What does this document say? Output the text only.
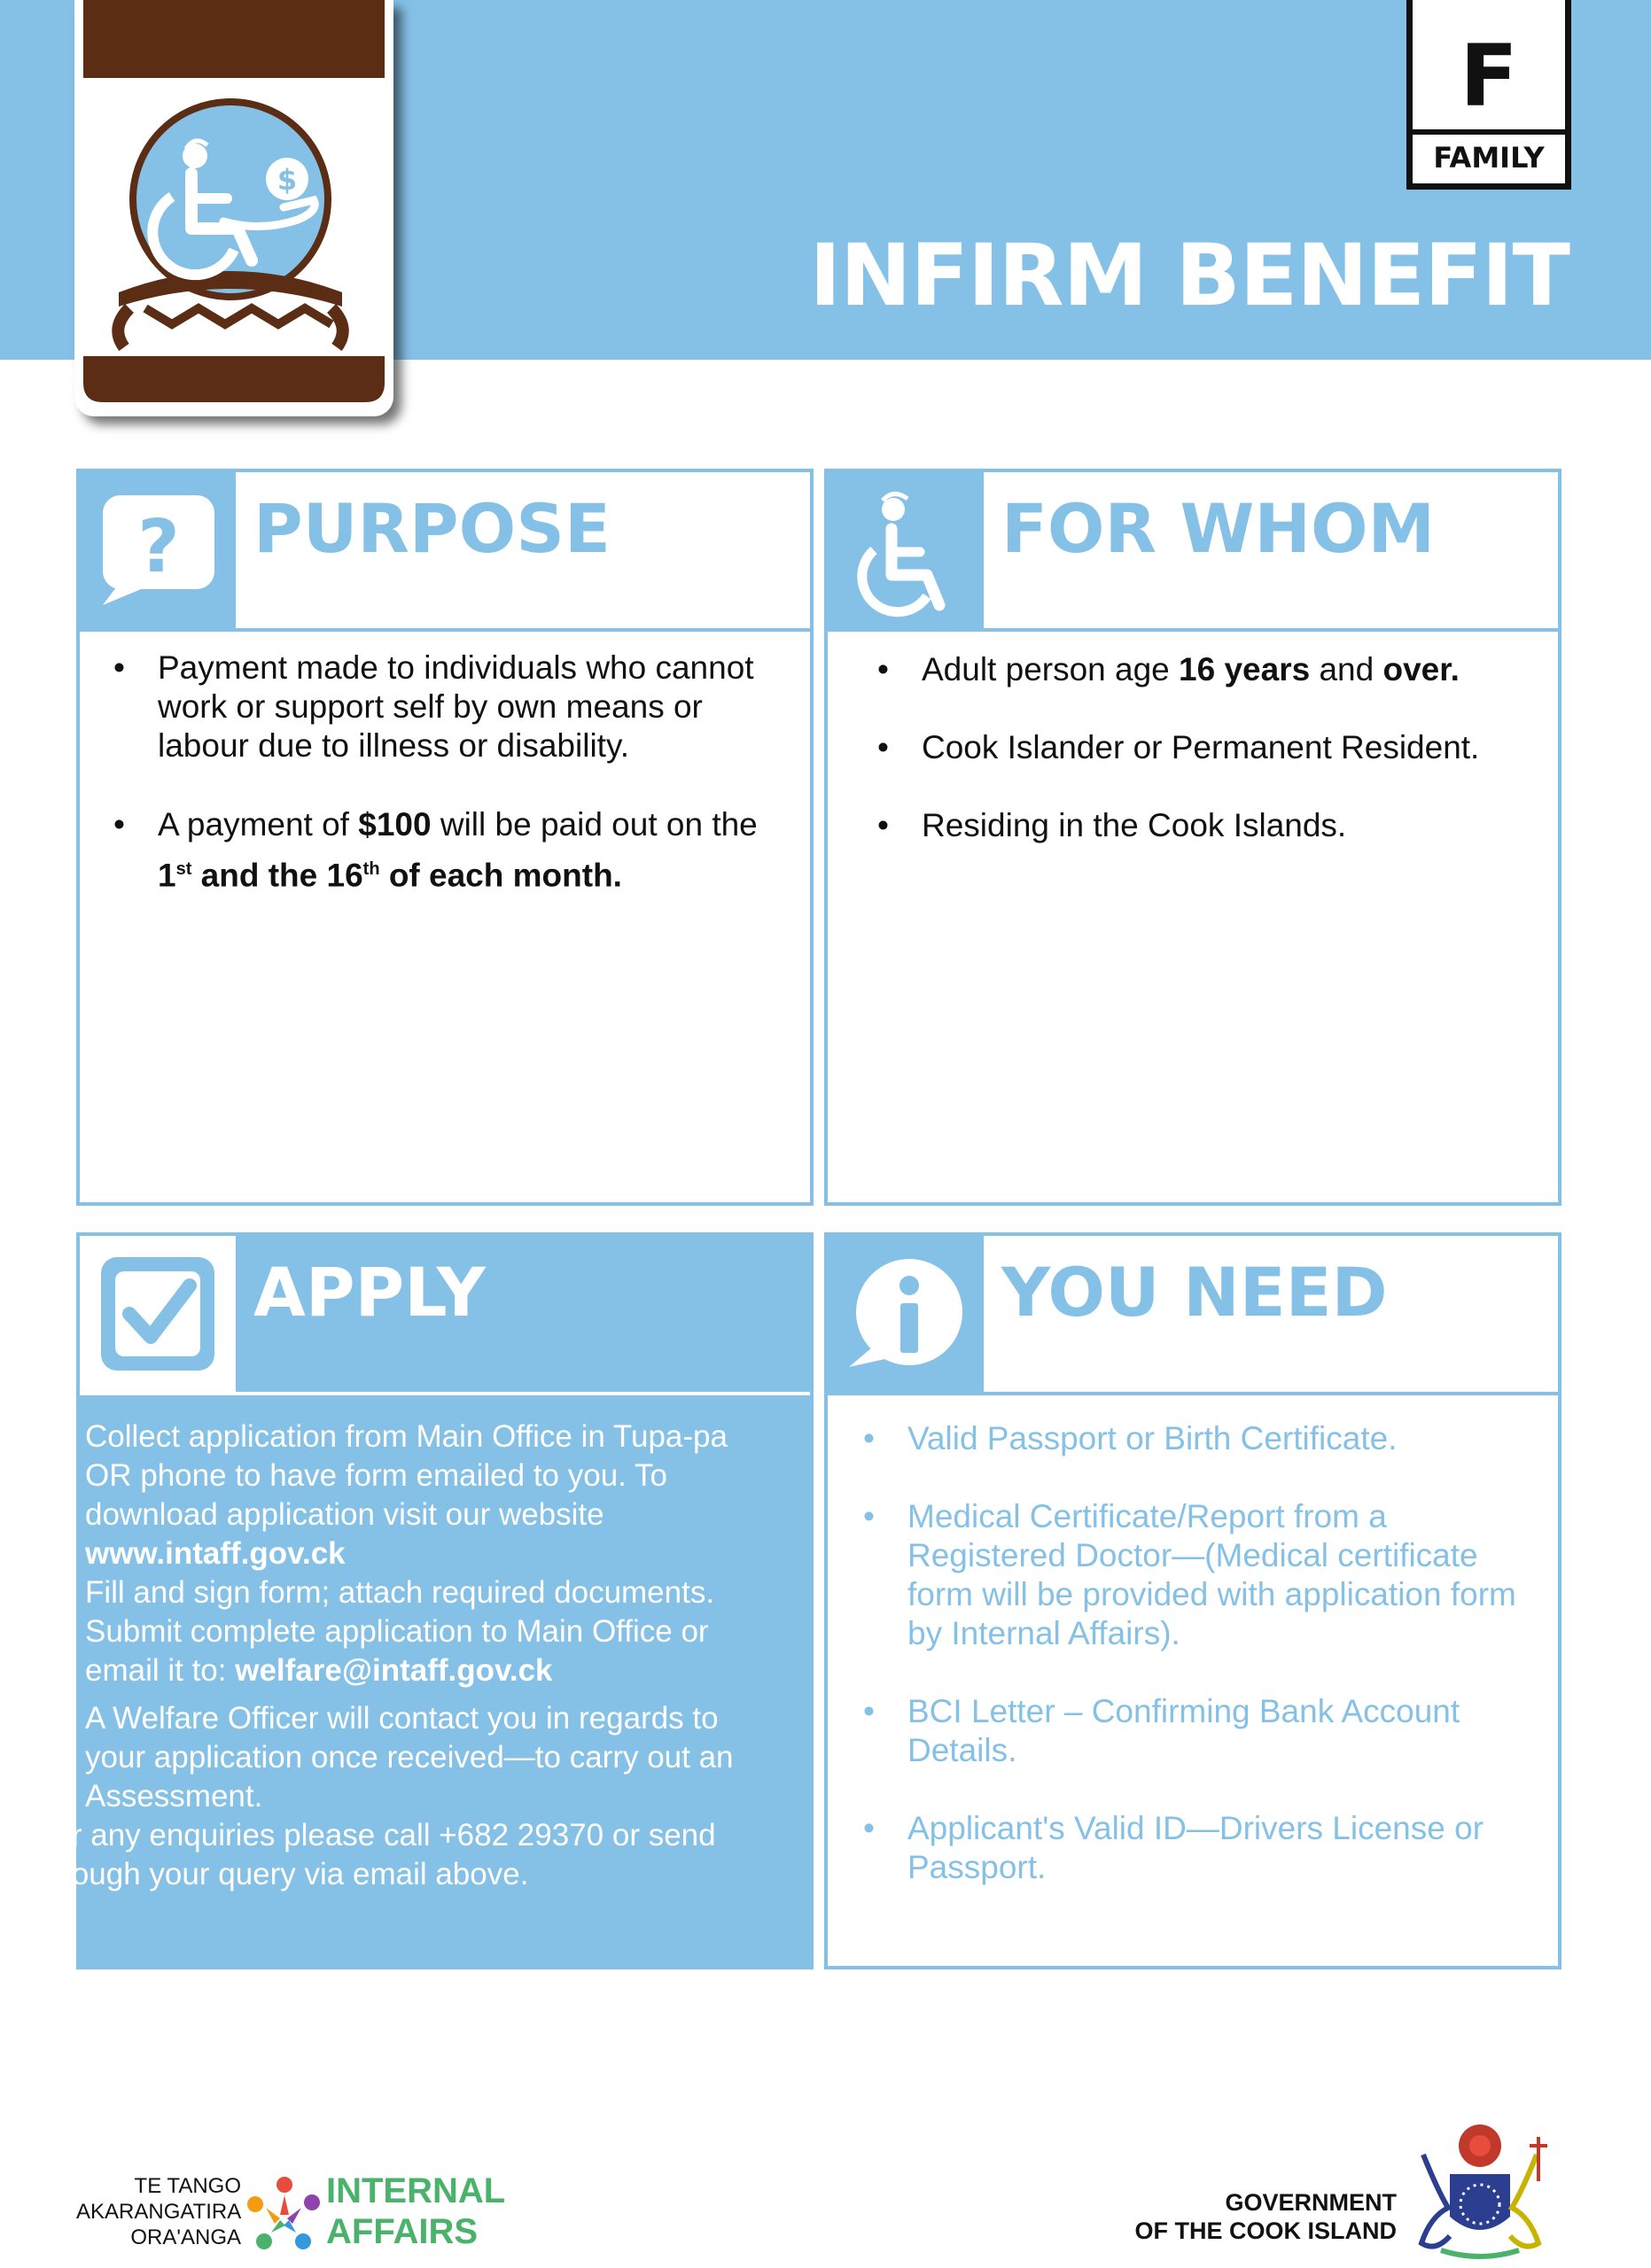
F
FAMILY
INFIRM BENEFIT
$
? PURPOSE
• Payment made to individuals who cannot work or support self by own means or labour due to illness or disability.
• A payment of $100 will be paid out on the 1st and the 16th of each month.
FOR WHOM
• Adult person age 16 years and over.
• Cook Islander or Permanent Resident.
• Residing in the Cook Islands.
APPLY
1. Collect application from Main Office in Tupa-pa OR phone to have form emailed to you. To download application visit our website
www.intaff.gov.ck
2. Fill and sign form; attach required documents.
3. Submit complete application to Main Office or email it to: welfare@intaff.gov.ck
4. A Welfare Officer will contact you in regards to your application once received—to carry out an Assessment.
For any enquiries please call +682 29370 or send through your query via email above.
YOU NEED
• Valid Passport or Birth Certificate.
• Medical Certificate/Report from a Registered Doctor—(Medical certificate form will be provided with application form by Internal Affairs).
• BCI Letter – Confirming Bank Account Details.
• Applicant's Valid ID—Drivers License or Passport.
TE TANGO
AKARANGATIRA
ORA'ANGA
INTERNAL
AFFAIRS
GOVERNMENT
OF THE COOK ISLAND
